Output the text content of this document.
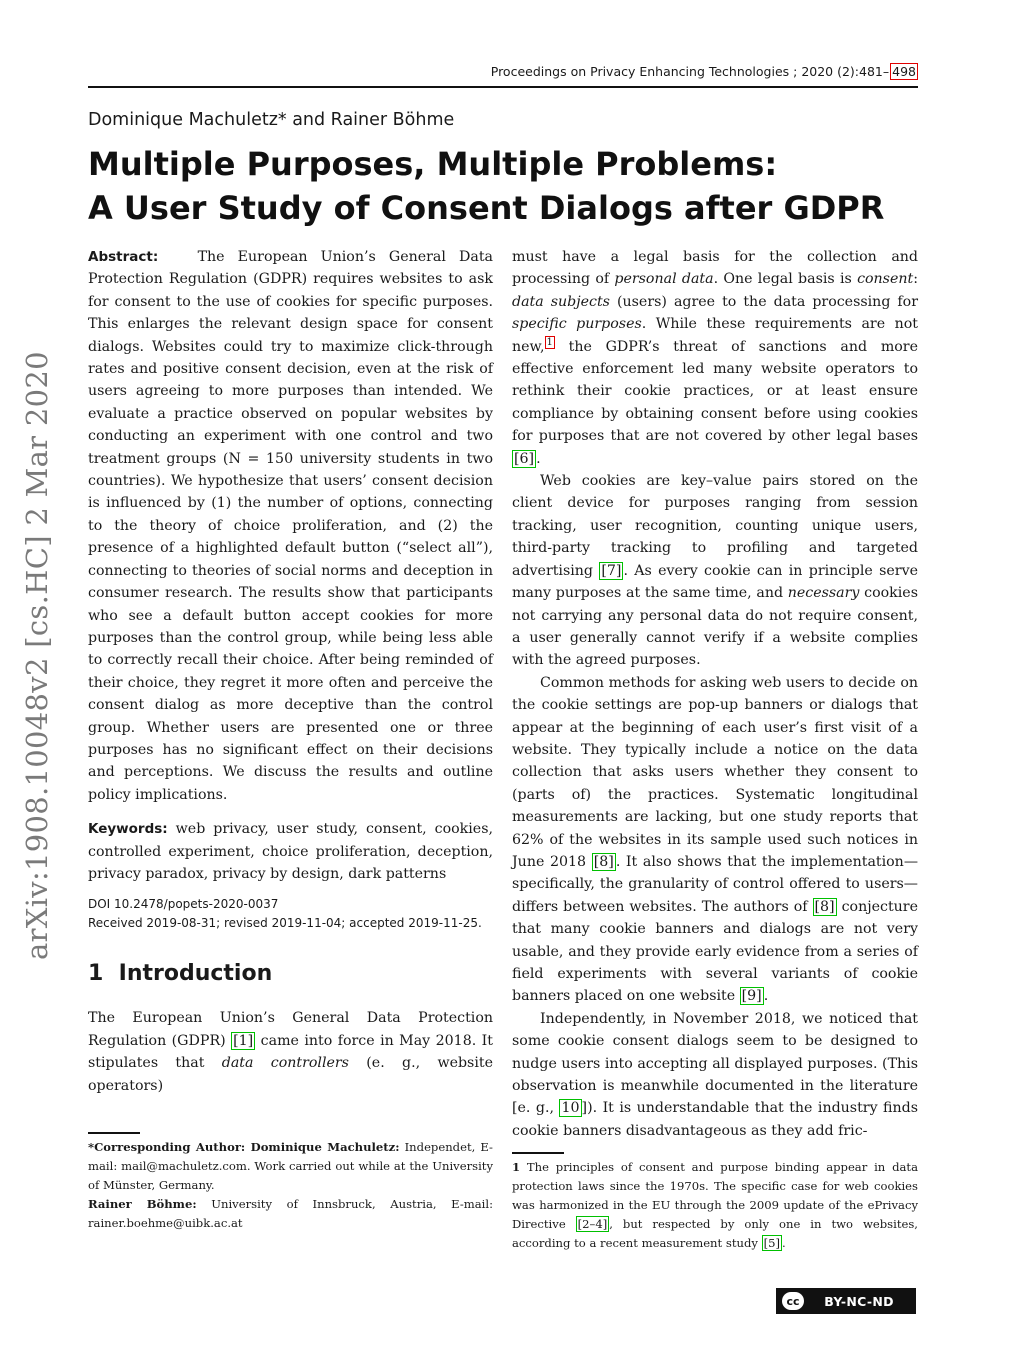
Proceedings on Privacy Enhancing Technologies ; 2020 (2):481– 498
arXiv:1908.10048v2 [cs.HC] 2 Mar 2020
Dominique Machuletz* and Rainer Böhme
Multiple Purposes, Multiple Problems:
A User Study of Consent Dialogs after GDPR

Abstract:	The European Union’s General Data Protection Regulation (GDPR) requires websites to ask for consent to the use of cookies for specific purposes. This enlarges the relevant design space for consent dialogs. Websites could try to maximize click-through rates and positive consent decision, even at the risk of users agreeing to more purposes than intended. We evaluate a practice observed on popular websites by conducting an experiment with one control and two treatment groups (N = 150 university students in two countries). We hypothesize that users’ consent decision is influenced by (1) the number of options, connecting to the theory of choice proliferation, and (2) the presence of a highlighted default button (“select all”), connecting to theories of social norms and deception in consumer research. The results show that participants who see a default button accept cookies for more purposes than the control group, while being less able to correctly recall their choice. After being reminded of their choice, they regret it more often and perceive the consent dialog as more deceptive than the control group. Whether users are presented one or three purposes has no significant effect on their decisions and perceptions. We discuss the results and outline policy implications.

Keywords: web privacy, user study, consent, cookies, controlled experiment, choice proliferation, deception, privacy paradox, privacy by design, dark patterns

DOI 10.2478/popets-2020-0037
Received 2019-08-31; revised 2019-11-04; accepted 2019-11-25.
1 Introduction

The European Union’s General Data Protection Regulation (GDPR) [1] came into force in May 2018. It stipulates that data controllers (e. g., website operators)

must have a legal basis for the collection and processing of personal data. One legal basis is consent: data subjects (users) agree to the data processing for specific purposes. While these requirements are not new, $^1$ the GDPR’s threat of sanctions and more effective enforcement led many website operators to rethink their cookie practices, or at least ensure compliance by obtaining consent before using cookies for purposes that are not covered by other legal bases [6] .

Web cookies are key–value pairs stored on the client device for purposes ranging from session tracking, user recognition, counting unique users, third-party tracking to profiling and targeted advertising [7] . As every cookie can in principle serve many purposes at the same time, and necessary cookies not carrying any personal data do not require consent, a user generally cannot verify if a website complies with the agreed purposes.

Common methods for asking web users to decide on the cookie settings are pop-up banners or dialogs that appear at the beginning of each user’s first visit of a website. They typically include a notice on the data collection that asks users whether they consent to (parts of) the practices. Systematic longitudinal measurements are lacking, but one study reports that 62% of the websites in its sample used such notices in June 2018 [8] . It also shows that the implementation—specifically, the granularity of control offered to users—differs between websites. The authors of [8] conjecture that many cookie banners and dialogs are not very usable, and they provide early evidence from a series of field experiments with several variants of cookie banners placed on one website [9] .

Independently, in November 2018, we noticed that some cookie consent dialogs seem to be designed to nudge users into accepting all displayed purposes. (This observation is meanwhile documented in the literature [e. g., 10 ]). It is understandable that the industry finds cookie banners disadvantageous as they add fric-

*Corresponding Author: Dominique Machuletz: Independet, E-mail: mail@machuletz.com. Work carried out while at the University of Münster, Germany.

Rainer Böhme: University of Innsbruck, Austria, E-mail: rainer.boehme@uibk.ac.at

1 The principles of consent and purpose binding appear in data protection laws since the 1970s. The specific case for web cookies was harmonized in the EU through the 2009 update of the ePrivacy Directive [2–4] , but respected by only one in two websites, according to a recent measurement study [5] .

cc	BY-NC-ND
